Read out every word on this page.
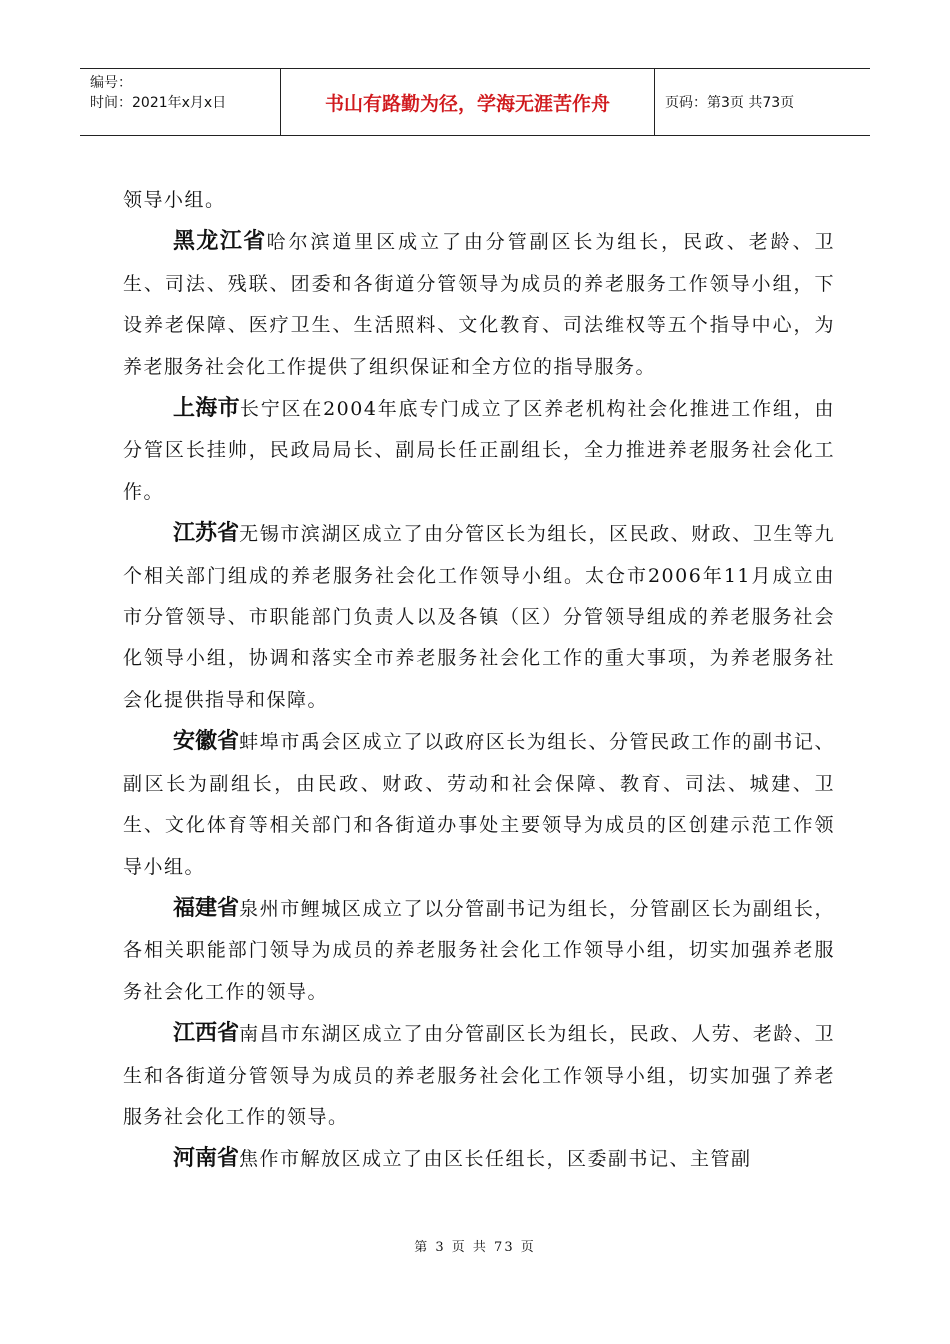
编号：
时间：2021年x月x日	书山有路勤为径，学海无涯苦作舟	页码：第3页 共73页

领导小组。

黑龙江省哈尔滨道里区成立了由分管副区长为组长，民政、老龄、卫生、司法、残联、团委和各街道分管领导为成员的养老服务工作领导小组，下设养老保障、医疗卫生、生活照料、文化教育、司法维权等五个指导中心，为养老服务社会化工作提供了组织保证和全方位的指导服务。

上海市长宁区在2004年底专门成立了区养老机构社会化推进工作组，由分管区长挂帅，民政局局长、副局长任正副组长，全力推进养老服务社会化工作。

江苏省无锡市滨湖区成立了由分管区长为组长，区民政、财政、卫生等九个相关部门组成的养老服务社会化工作领导小组。太仓市2006年11月成立由市分管领导、市职能部门负责人以及各镇（区）分管领导组成的养老服务社会化领导小组，协调和落实全市养老服务社会化工作的重大事项，为养老服务社会化提供指导和保障。

安徽省蚌埠市禹会区成立了以政府区长为组长、分管民政工作的副书记、副区长为副组长，由民政、财政、劳动和社会保障、教育、司法、城建、卫生、文化体育等相关部门和各街道办事处主要领导为成员的区创建示范工作领导小组。

福建省泉州市鲤城区成立了以分管副书记为组长，分管副区长为副组长，各相关职能部门领导为成员的养老服务社会化工作领导小组，切实加强养老服务社会化工作的领导。

江西省南昌市东湖区成立了由分管副区长为组长，民政、人劳、老龄、卫生和各街道分管领导为成员的养老服务社会化工作领导小组，切实加强了养老服务社会化工作的领导。

河南省焦作市解放区成立了由区长任组长，区委副书记、主管副

第 3 页 共 73 页
